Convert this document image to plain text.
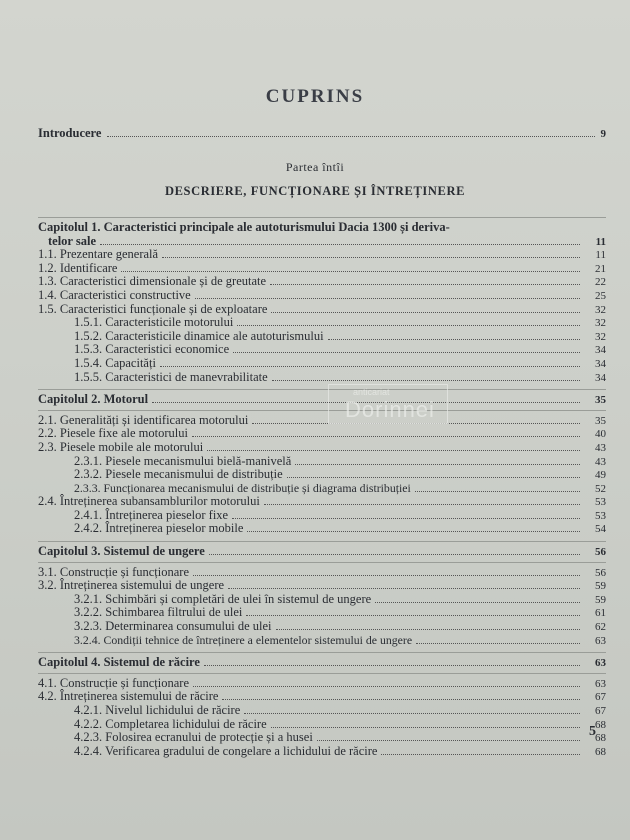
CUPRINS
Introducere	9
Partea întîi
DESCRIERE, FUNCȚIONARE ȘI ÎNTREȚINERE
Capitolul 1. Caracteristici principale ale autoturismului Dacia 1300 și deriva-
telor sale	11
1.1. Prezentare generală	11
1.2. Identificare	21
1.3. Caracteristici dimensionale și de greutate	22
1.4. Caracteristici constructive	25
1.5. Caracteristici funcționale și de exploatare	32
1.5.1. Caracteristicile motorului	32
1.5.2. Caracteristicile dinamice ale autoturismului	32
1.5.3. Caracteristici economice	34
1.5.4. Capacități	34
1.5.5. Caracteristici de manevrabilitate	34
Capitolul 2. Motorul	35
2.1. Generalități și identificarea motorului	35
2.2. Piesele fixe ale motorului	40
2.3. Piesele mobile ale motorului	43
2.3.1. Piesele mecanismului bielă-manivelă	43
2.3.2. Piesele mecanismului de distribuție	49
2.3.3. Funcționarea mecanismului de distribuție și diagrama distribuției	52
2.4. Întreținerea subansamblurilor motorului	53
2.4.1. Întreținerea pieselor fixe	53
2.4.2. Întreținerea pieselor mobile	54
Capitolul 3. Sistemul de ungere	56
3.1. Construcție și funcționare	56
3.2. Întreținerea sistemului de ungere	59
3.2.1. Schimbări și completări de ulei în sistemul de ungere	59
3.2.2. Schimbarea filtrului de ulei	61
3.2.3. Determinarea consumului de ulei	62
3.2.4. Condiții tehnice de întreținere a elementelor sistemului de ungere	63
Capitolul 4. Sistemul de răcire	63
4.1. Construcție și funcționare	63
4.2. Întreținerea sistemului de răcire	67
4.2.1. Nivelul lichidului de răcire	67
4.2.2. Completarea lichidului de răcire	68
4.2.3. Folosirea ecranului de protecție și a husei	68
4.2.4. Verificarea gradului de congelare a lichidului de răcire	68
anticariat
Dorinnei
5
